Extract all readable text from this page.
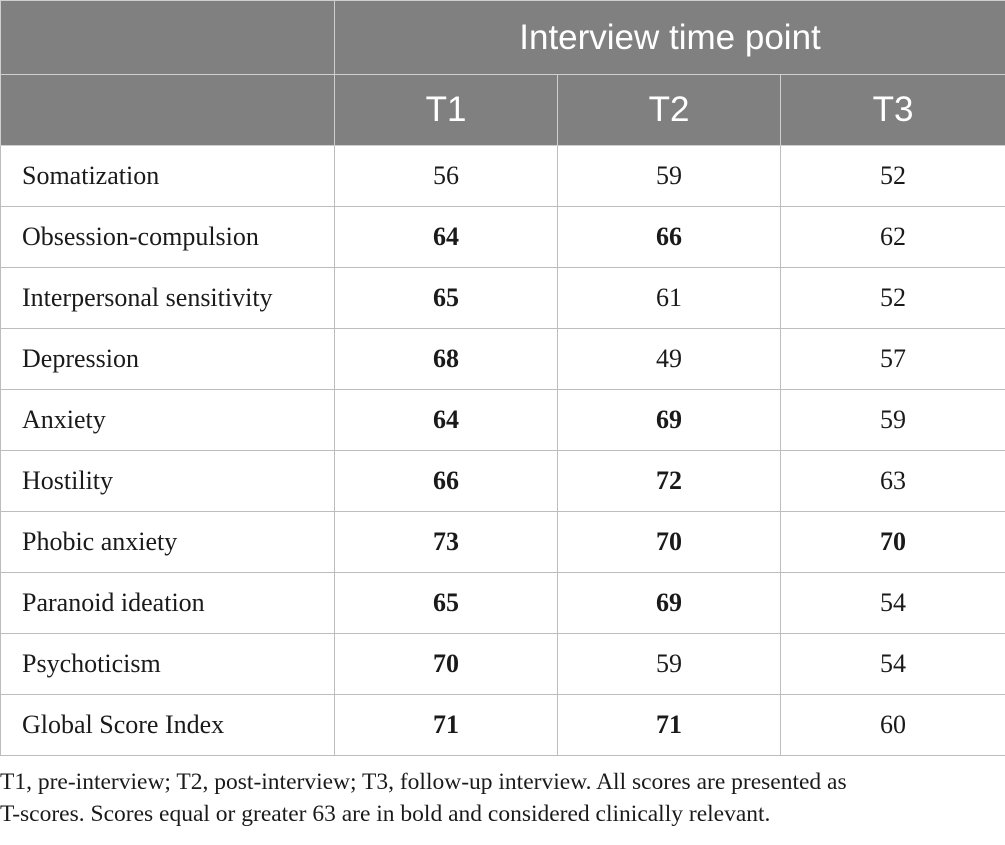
	Interview time point		
	T1	T2	T3
Somatization	56	59	52
Obsession-compulsion	64	66	62
Interpersonal sensitivity	65	61	52
Depression	68	49	57
Anxiety	64	69	59
Hostility	66	72	63
Phobic anxiety	73	70	70
Paranoid ideation	65	69	54
Psychoticism	70	59	54
Global Score Index	71	71	60
T1, pre-interview; T2, post-interview; T3, follow-up interview. All scores are presented as
T-scores. Scores equal or greater 63 are in bold and considered clinically relevant.
